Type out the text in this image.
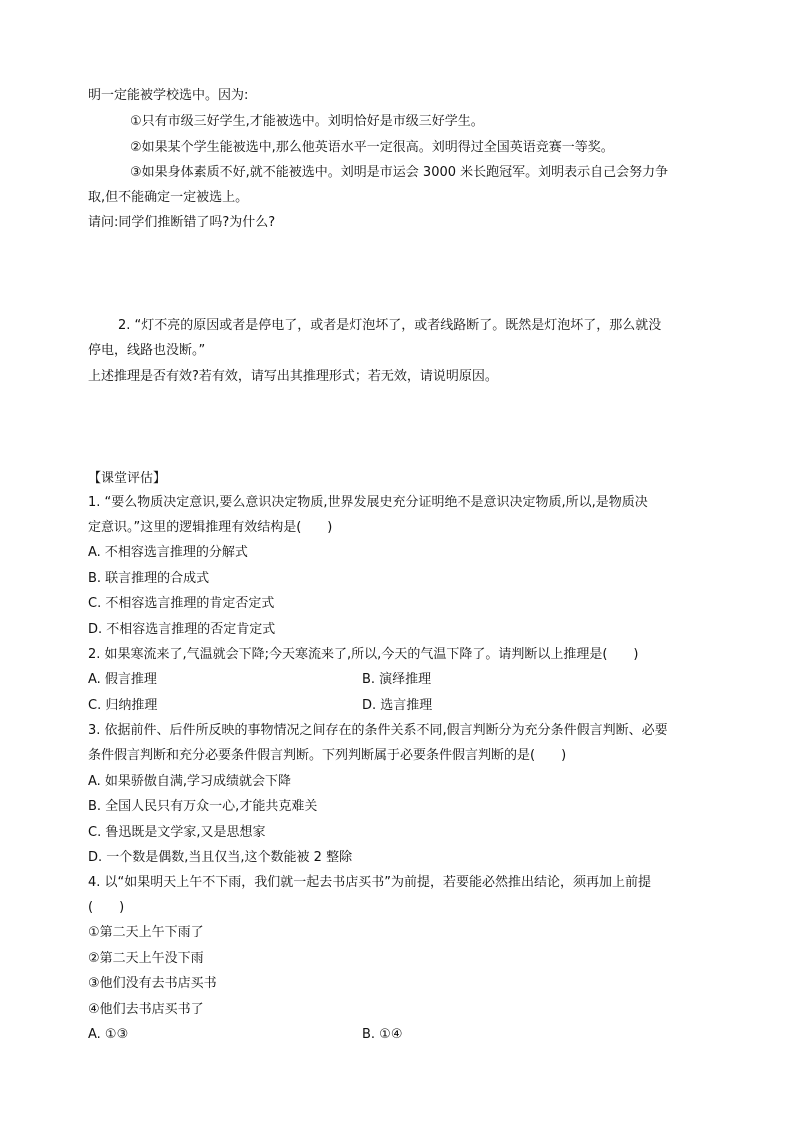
明一定能被学校选中。因为:
①只有市级三好学生,才能被选中。刘明恰好是市级三好学生。
②如果某个学生能被选中,那么他英语水平一定很高。刘明得过全国英语竞赛一等奖。
③如果身体素质不好,就不能被选中。刘明是市运会 3000 米长跑冠军。刘明表示自己会努力争
取,但不能确定一定被选上。
请问:同学们推断错了吗?为什么?
2. “灯不亮的原因或者是停电了，或者是灯泡坏了，或者线路断了。既然是灯泡坏了，那么就没
停电，线路也没断。”
上述推理是否有效?若有效，请写出其推理形式；若无效，请说明原因。
【课堂评估】
1. “要么物质决定意识,要么意识决定物质,世界发展史充分证明绝不是意识决定物质,所以,是物质决
定意识。”这里的逻辑推理有效结构是(　　)
A. 不相容选言推理的分解式
B. 联言推理的合成式
C. 不相容选言推理的肯定否定式
D. 不相容选言推理的否定肯定式
2. 如果寒流来了,气温就会下降;今天寒流来了,所以,今天的气温下降了。请判断以上推理是(　　)
A. 假言推理	B. 演绎推理
C. 归纳推理	D. 选言推理
3. 依据前件、后件所反映的事物情况之间存在的条件关系不同,假言判断分为充分条件假言判断、必要
条件假言判断和充分必要条件假言判断。下列判断属于必要条件假言判断的是(　　)
A. 如果骄傲自满,学习成绩就会下降
B. 全国人民只有万众一心,才能共克难关
C. 鲁迅既是文学家,又是思想家
D. 一个数是偶数,当且仅当,这个数能被 2 整除
4. 以“如果明天上午不下雨，我们就一起去书店买书”为前提，若要能必然推出结论，须再加上前提
(　　)
①第二天上午下雨了
②第二天上午没下雨
③他们没有去书店买书
④他们去书店买书了
A. ①③	B. ①④
